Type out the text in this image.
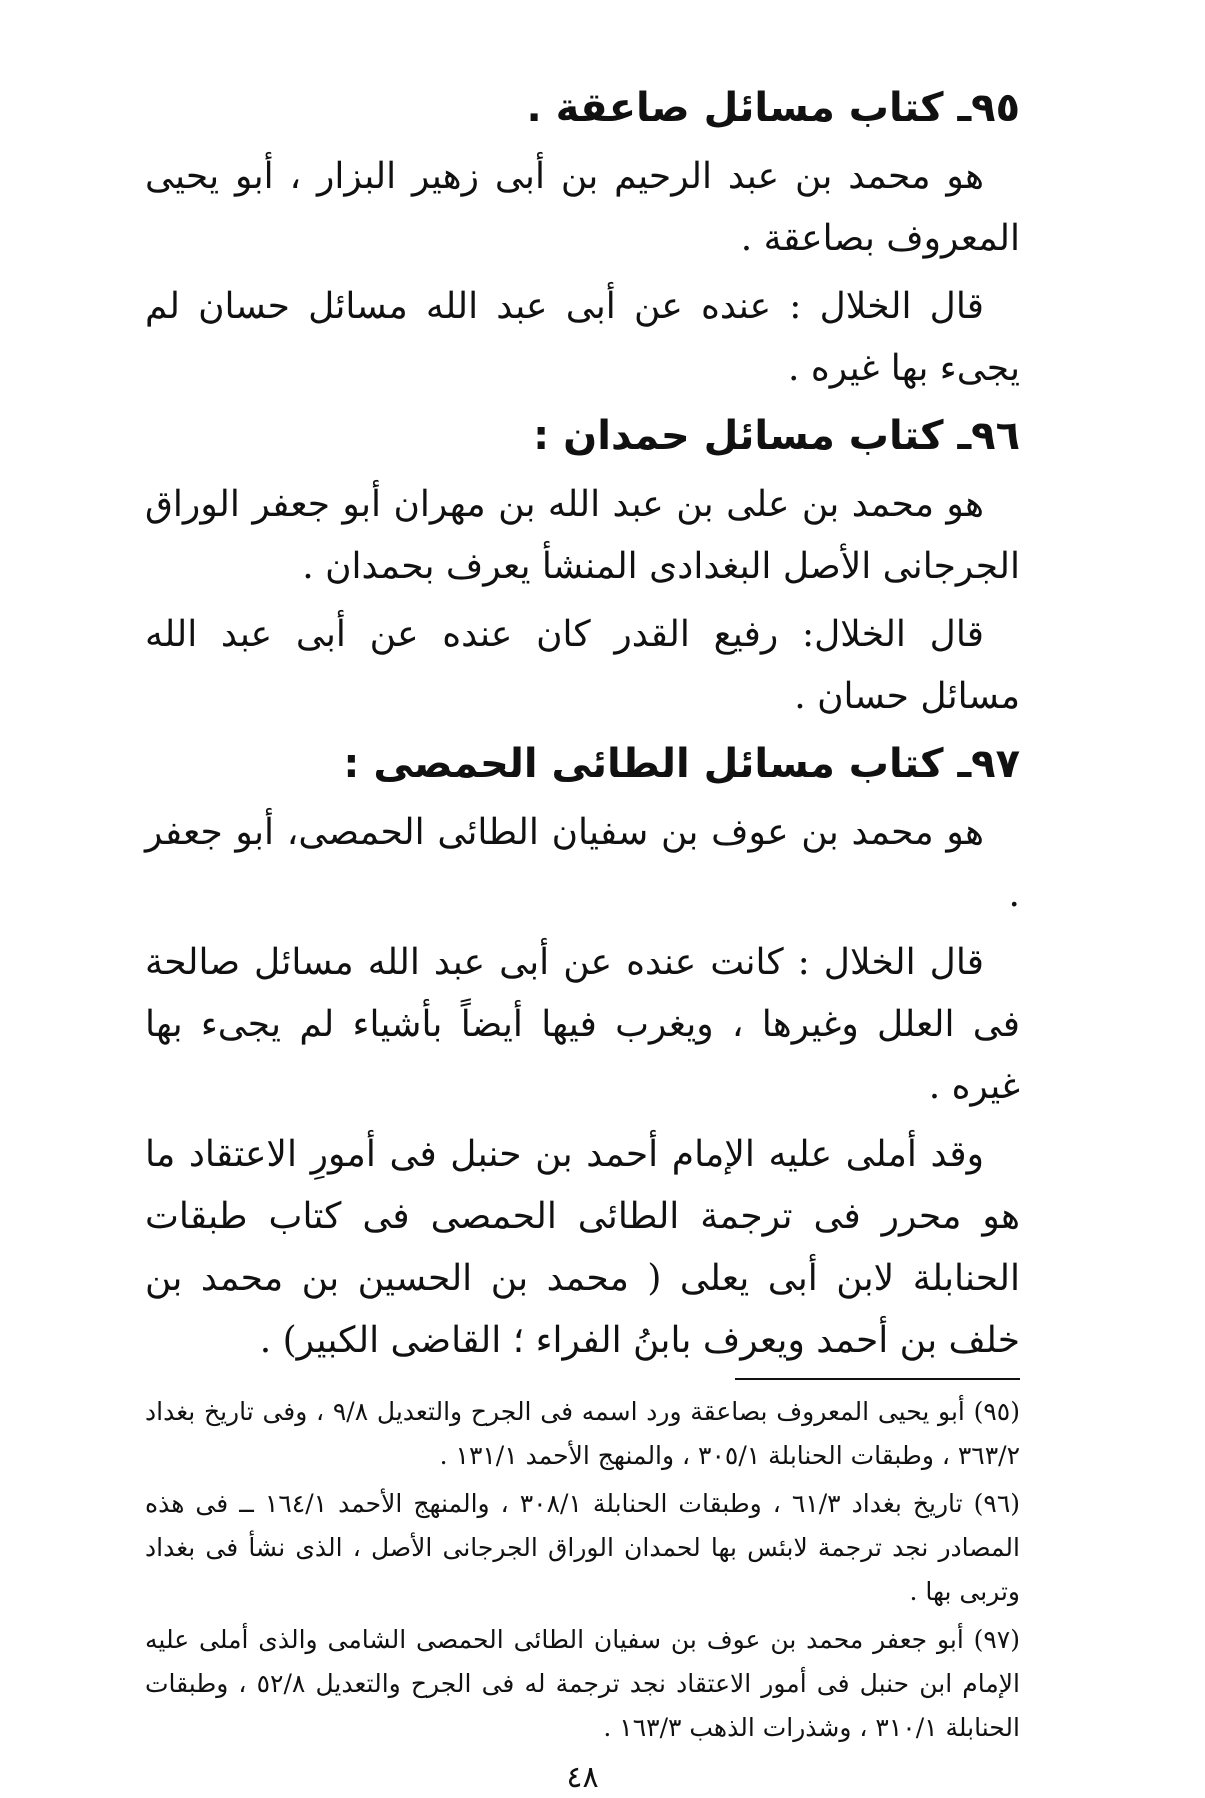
٩٥ـ كتاب مسائل صاعقة .

هو محمد بن عبد الرحيم بن أبى زهير البزار ، أبو يحيى المعروف بصاعقة .

قال الخلال : عنده عن أبى عبد الله مسائل حسان لم يجىء بها غيره .

٩٦ـ كتاب مسائل حمدان :

هو محمد بن على بن عبد الله بن مهران أبو جعفر الوراق الجرجانى الأصل البغدادى المنشأ يعرف بحمدان .

قال الخلال: رفيع القدر كان عنده عن أبى عبد الله مسائل حسان .

٩٧ـ كتاب مسائل الطائى الحمصى :

هو محمد بن عوف بن سفيان الطائى الحمصى، أبو جعفر .

قال الخلال : كانت عنده عن أبى عبد الله مسائل صالحة فى العلل وغيرها ، ويغرب فيها أيضاً بأشياء لم يجىء بها غيره .

وقد أملى عليه الإمام أحمد بن حنبل فى أمورِ الاعتقاد ما هو محرر فى ترجمة الطائى الحمصى فى كتاب طبقات الحنابلة لابن أبى يعلى ( محمد بن الحسين بن محمد بن خلف بن أحمد ويعرف بابنُ الفراء ؛ القاضى الكبير) .

(٩٥) أبو يحيى المعروف بصاعقة ورد اسمه فى الجرح والتعديل ٩/٨ ، وفى تاريخ بغداد ٣٦٣/٢ ، وطبقات الحنابلة ٣٠٥/١ ، والمنهج الأحمد ١٣١/١ .

(٩٦) تاريخ بغداد ٦١/٣ ، وطبقات الحنابلة ٣٠٨/١ ، والمنهج الأحمد ١٦٤/١ ــ فى هذه المصادر نجد ترجمة لابئس بها لحمدان الوراق الجرجانى الأصل ، الذى نشأ فى بغداد وتربى بها .

(٩٧) أبو جعفر محمد بن عوف بن سفيان الطائى الحمصى الشامى والذى أملى عليه الإمام ابن حنبل فى أمور الاعتقاد نجد ترجمة له فى الجرح والتعديل ٥٢/٨ ، وطبقات الحنابلة ٣١٠/١ ، وشذرات الذهب ١٦٣/٣ .

٤٨
